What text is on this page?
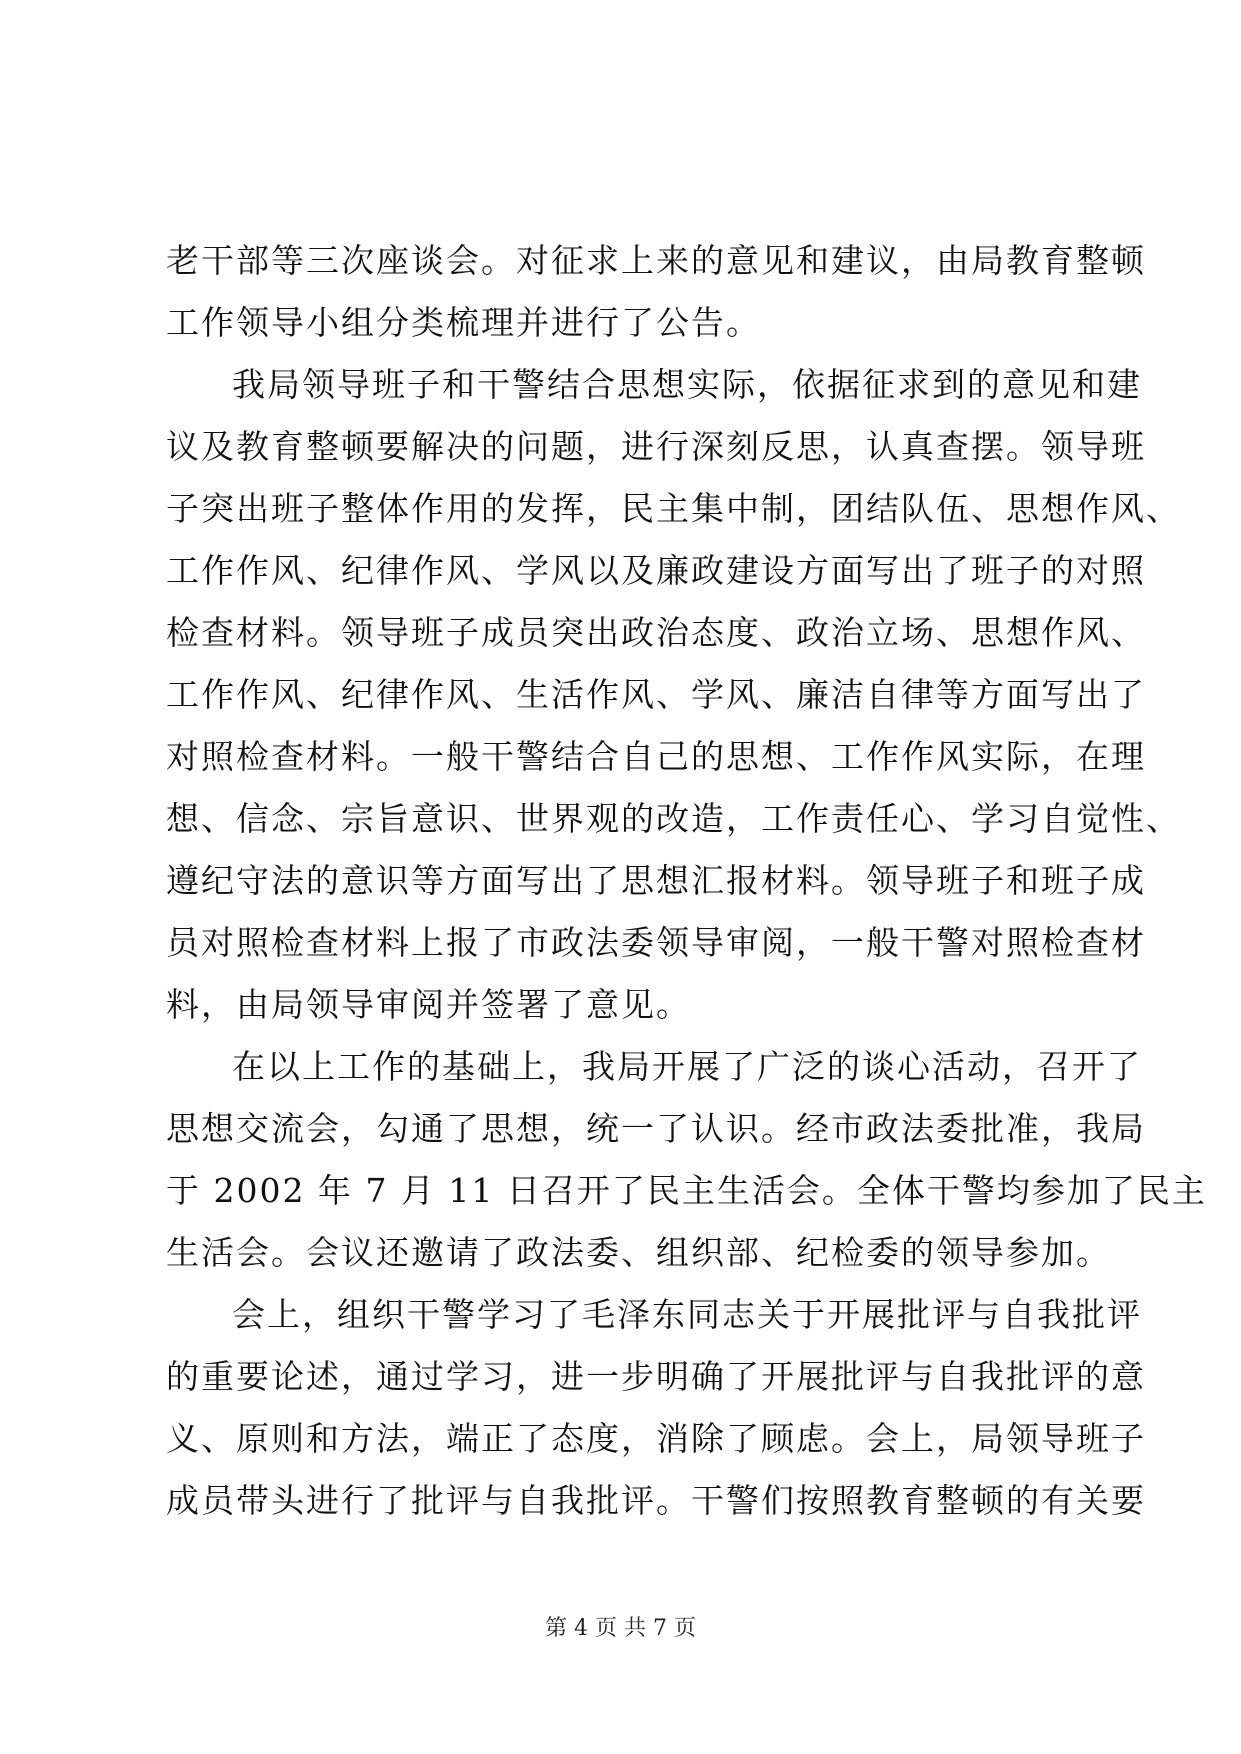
老干部等三次座谈会。对征求上来的意见和建议，由局教育整顿
工作领导小组分类梳理并进行了公告。
我局领导班子和干警结合思想实际，依据征求到的意见和建
议及教育整顿要解决的问题，进行深刻反思，认真查摆。领导班
子突出班子整体作用的发挥，民主集中制，团结队伍、思想作风、
工作作风、纪律作风、学风以及廉政建设方面写出了班子的对照
检查材料。领导班子成员突出政治态度、政治立场、思想作风、
工作作风、纪律作风、生活作风、学风、廉洁自律等方面写出了
对照检查材料。一般干警结合自己的思想、工作作风实际，在理
想、信念、宗旨意识、世界观的改造，工作责任心、学习自觉性、
遵纪守法的意识等方面写出了思想汇报材料。领导班子和班子成
员对照检查材料上报了市政法委领导审阅，一般干警对照检查材
料，由局领导审阅并签署了意见。
在以上工作的基础上，我局开展了广泛的谈心活动，召开了
思想交流会，勾通了思想，统一了认识。经市政法委批准，我局
于 2002 年 7 月 11 日召开了民主生活会。全体干警均参加了民主
生活会。会议还邀请了政法委、组织部、纪检委的领导参加。
会上，组织干警学习了毛泽东同志关于开展批评与自我批评
的重要论述，通过学习，进一步明确了开展批评与自我批评的意
义、原则和方法，端正了态度，消除了顾虑。会上，局领导班子
成员带头进行了批评与自我批评。干警们按照教育整顿的有关要
第 4 页 共 7 页
